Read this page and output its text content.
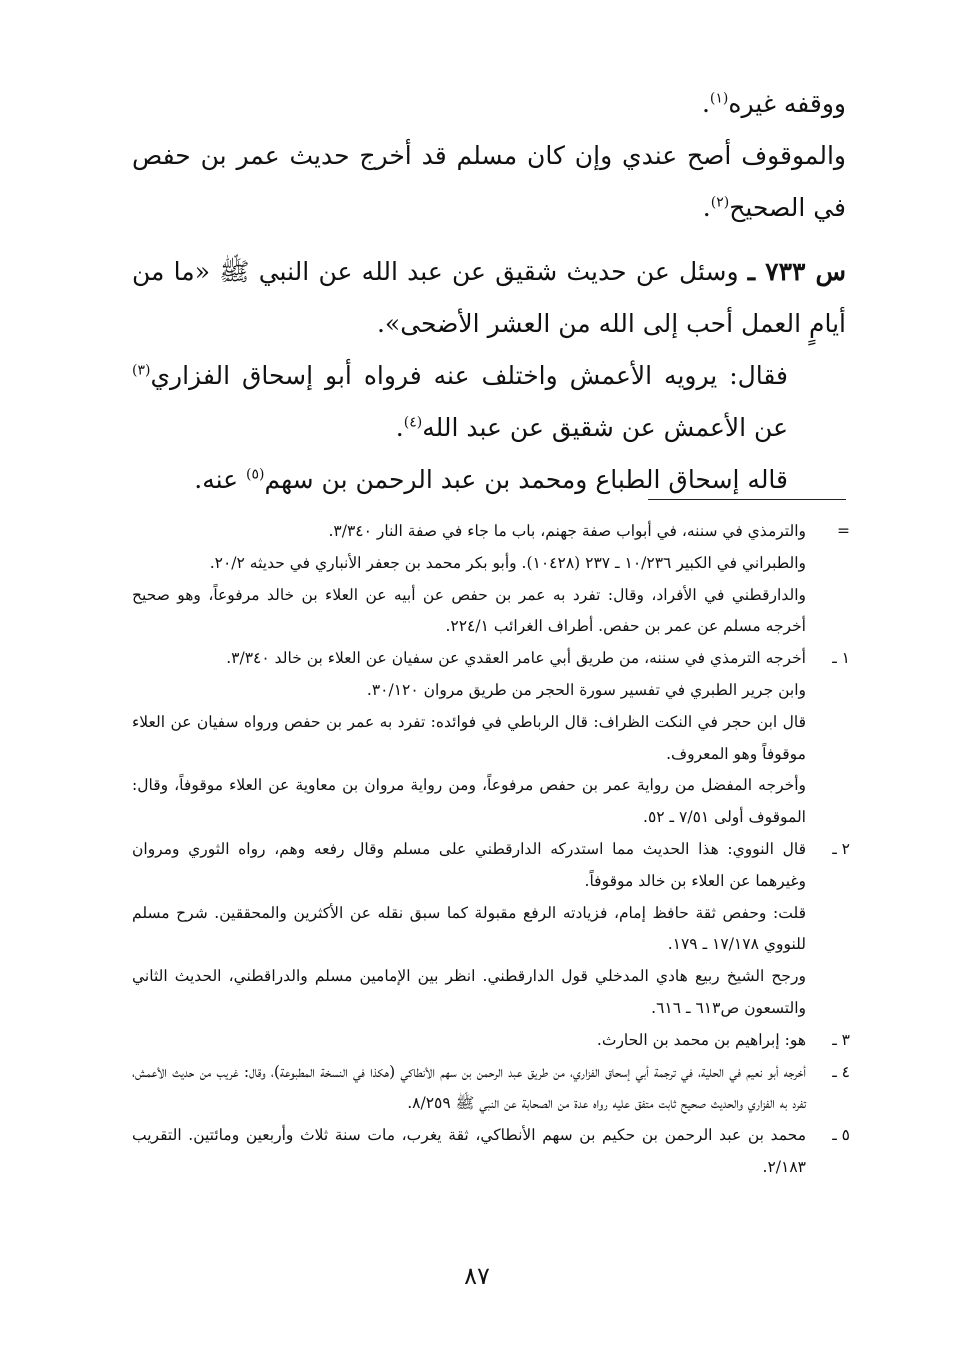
ووقفه غيره$^{(١)}$.

والموقوف أصح عندي وإن كان مسلم قد أخرج حديث عمر بن حفص في الصحيح$^{(٢)}$.

س ٧٣٣ ـ وسئل عن حديث شقيق عن عبد الله عن النبي ﷺ «ما من أيامٍ العمل أحب إلى الله من العشر الأضحى».

فقال: يرويه الأعمش واختلف عنه فرواه أبو إسحاق الفزاري$^{(٣)}$ عن الأعمش عن شقيق عن عبد الله$^{(٤)}$.

قاله إسحاق الطباع ومحمد بن عبد الرحمن بن سهم$^{(٥)}$ عنه.

=
والترمذي في سننه، في أبواب صفة جهنم، باب ما جاء في صفة النار ٣/٣٤٠.
والطبراني في الكبير ١٠/٢٣٦ ـ ٢٣٧ (١٠٤٢٨). وأبو بكر محمد بن جعفر الأنباري في حديثه ٢٠/٢.
والدارقطني في الأفراد، وقال: تفرد به عمر بن حفص عن أبيه عن العلاء بن خالد مرفوعاً، وهو صحيح أخرجه مسلم عن عمر بن حفص. أطراف الغرائب ٢٢٤/١.
١ ـ
أخرجه الترمذي في سننه، من طريق أبي عامر العقدي عن سفيان عن العلاء بن خالد ٣/٣٤٠.
وابن جرير الطبري في تفسير سورة الحجر من طريق مروان ٣٠/١٢٠.
قال ابن حجر في النكت الظراف: قال الرباطي في فوائده: تفرد به عمر بن حفص ورواه سفيان عن العلاء موقوفاً وهو المعروف.
وأخرجه المفضل من رواية عمر بن حفص مرفوعاً، ومن رواية مروان بن معاوية عن العلاء موقوفاً، وقال: الموقوف أولى ٧/٥١ ـ ٥٢.
٢ ـ
قال النووي: هذا الحديث مما استدركه الدارقطني على مسلم وقال رفعه وهم، رواه الثوري ومروان وغيرهما عن العلاء بن خالد موقوفاً.
قلت: وحفص ثقة حافظ إمام، فزيادته الرفع مقبولة كما سبق نقله عن الأكثرين والمحققين. شرح مسلم للنووي ١٧/١٧٨ ـ ١٧٩.
ورجح الشيخ ربيع هادي المدخلي قول الدارقطني. انظر بين الإمامين مسلم والدراقطني، الحديث الثاني والتسعون ص٦١٣ ـ ٦١٦.
٣ ـ
هو: إبراهيم بن محمد بن الحارث.
٤ ـ
أخرجه أبو نعيم في الحلية، في ترجمة أبي إسحاق الفزاري، من طريق عبد الرحمن بن سهم الأنطاكي (هكذا في النسخة المطبوعة)، وقال: غريب من حديث الأعمش، تفرد به الفزاري والحديث صحيح ثابت متفق عليه رواه عدة من الصحابة عن النبي ﷺ ٨/٢٥٩.
٥ ـ
محمد بن عبد الرحمن بن حكيم بن سهم الأنطاكي، ثقة يغرب، مات سنة ثلاث وأربعين ومائتين. التقريب ٢/١٨٣.
٨٧
